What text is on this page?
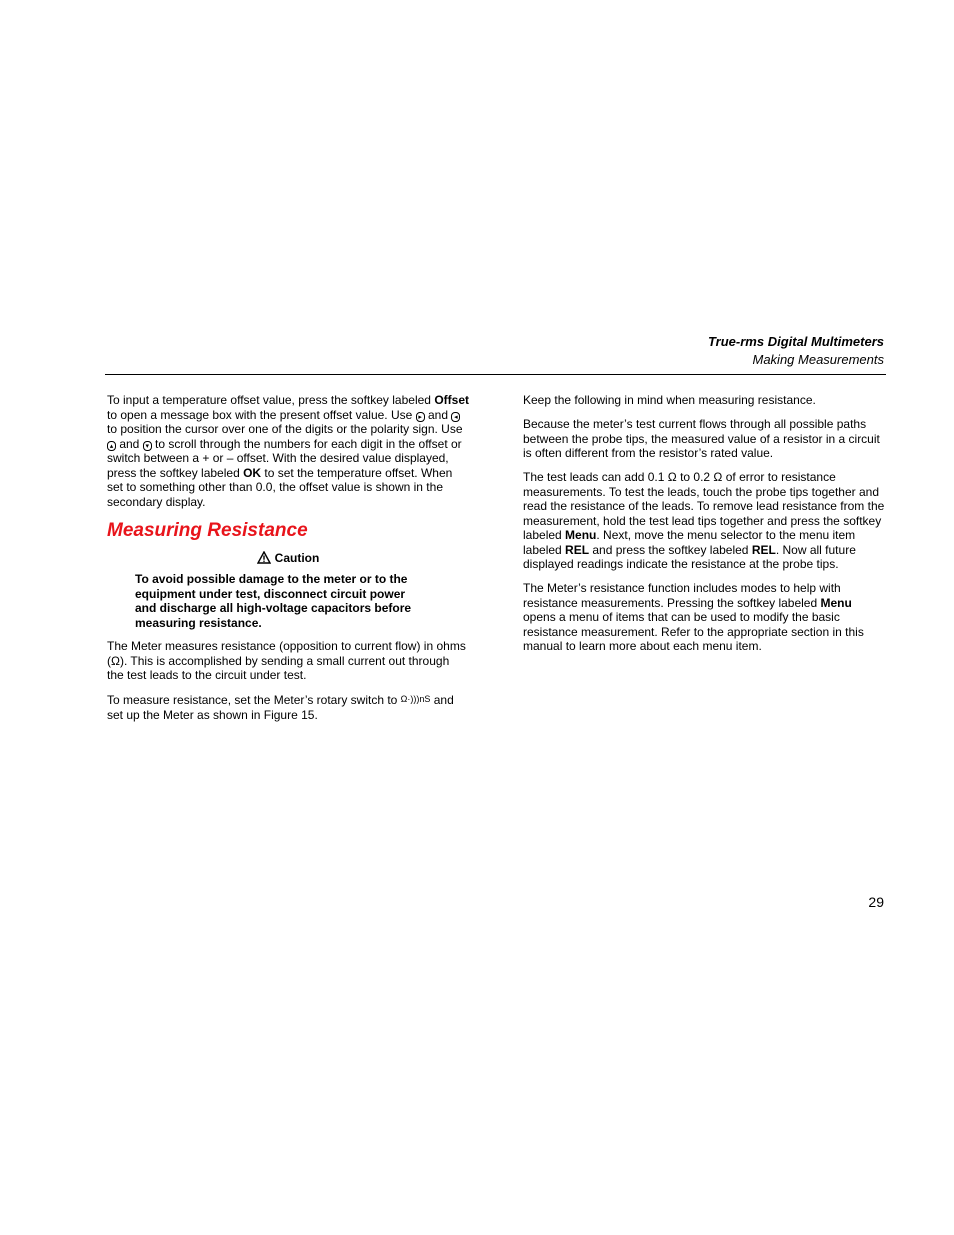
True-rms Digital Multimeters
Making Measurements

To input a temperature offset value, press the softkey labeled Offset to open a message box with the present offset value. Use ▸ and ◂ to position the cursor over one of the digits or the polarity sign. Use ▴ and ▾ to scroll through the numbers for each digit in the offset or switch between a + or – offset. With the desired value displayed, press the softkey labeled OK to set the temperature offset. When set to something other than 0.0, the offset value is shown in the secondary display.

Measuring Resistance
Caution
To avoid possible damage to the meter or to the equipment under test, disconnect circuit power and discharge all high-voltage capacitors before measuring resistance.

The Meter measures resistance (opposition to current flow) in ohms (Ω). This is accomplished by sending a small current out through the test leads to the circuit under test.

To measure resistance, set the Meter’s rotary switch to Ω·)))nS and set up the Meter as shown in Figure 15.

Keep the following in mind when measuring resistance.

Because the meter’s test current flows through all possible paths between the probe tips, the measured value of a resistor in a circuit is often different from the resistor’s rated value.

The test leads can add 0.1 Ω to 0.2 Ω of error to resistance measurements. To test the leads, touch the probe tips together and read the resistance of the leads. To remove lead resistance from the measurement, hold the test lead tips together and press the softkey labeled Menu. Next, move the menu selector to the menu item labeled REL and press the softkey labeled REL. Now all future displayed readings indicate the resistance at the probe tips.

The Meter’s resistance function includes modes to help with resistance measurements. Pressing the softkey labeled Menu opens a menu of items that can be used to modify the basic resistance measurement. Refer to the appropriate section in this manual to learn more about each menu item.

29
